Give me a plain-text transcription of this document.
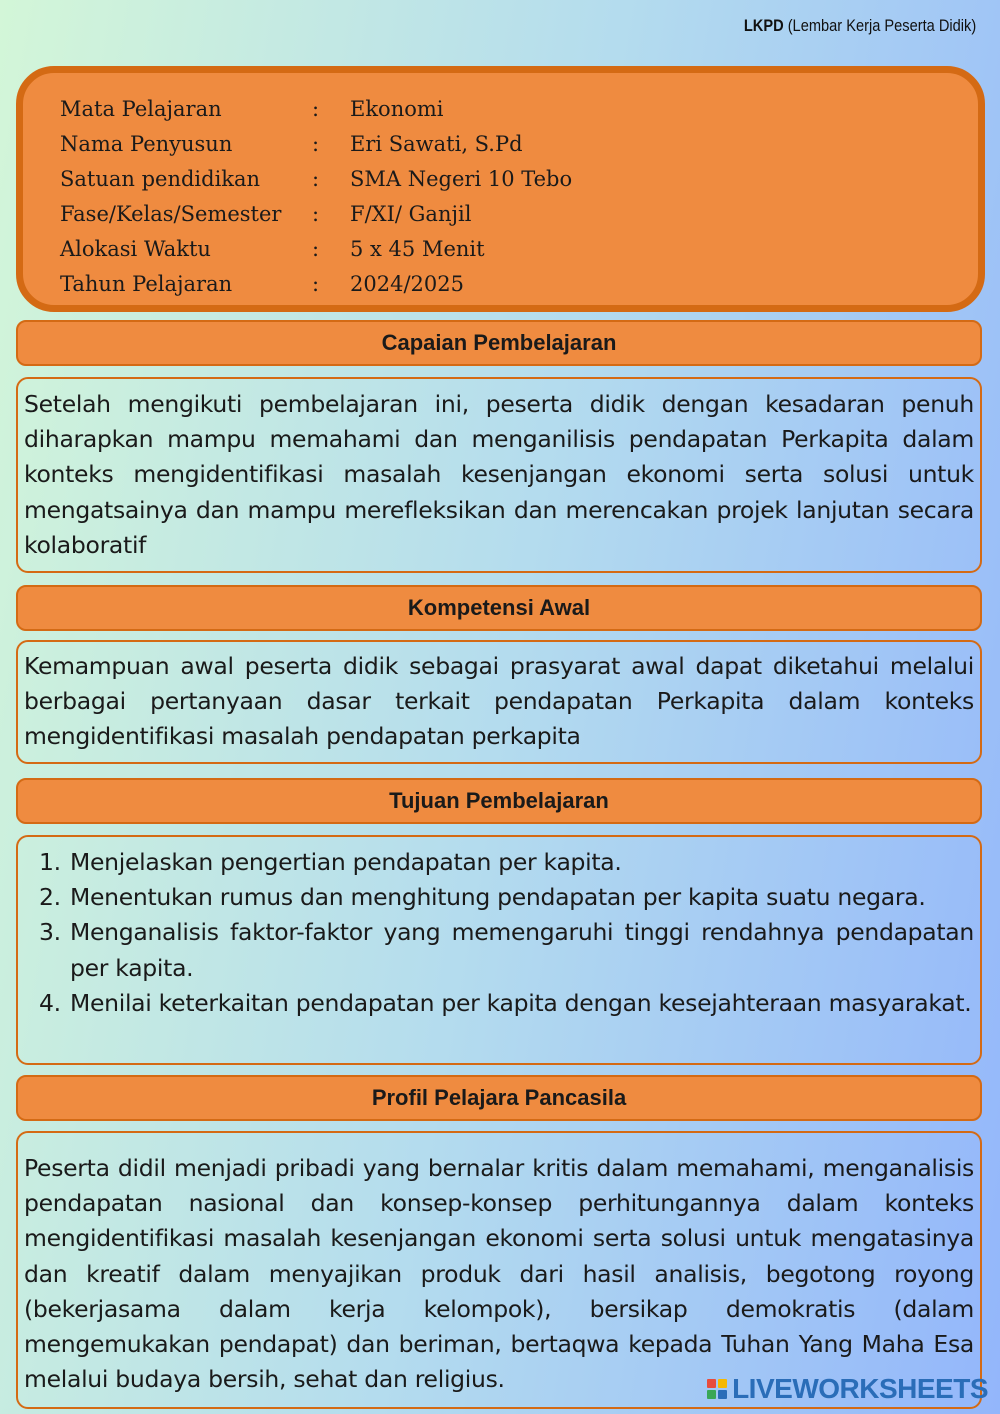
LKPD (Lembar Kerja Peserta Didik)
Mata Pelajaran	: Ekonomi
Nama Penyusun	: Eri Sawati, S.Pd
Satuan pendidikan : SMA Negeri 10 Tebo
Fase/Kelas/Semester : F/XI/ Ganjil
Alokasi Waktu	: 5 x 45 Menit
Tahun Pelajaran	: 2024/2025
Capaian Pembelajaran

Setelah mengikuti pembelajaran ini, peserta didik dengan kesadaran penuh diharapkan mampu memahami dan menganilisis pendapatan Perkapita dalam konteks mengidentifikasi masalah kesenjangan ekonomi serta solusi untuk mengatsainya dan mampu merefleksikan dan merencakan projek lanjutan secara kolaboratif

Kompetensi Awal

Kemampuan awal peserta didik sebagai prasyarat awal dapat diketahui melalui berbagai pertanyaan dasar terkait pendapatan Perkapita dalam konteks mengidentifikasi masalah pendapatan perkapita

Tujuan Pembelajaran
1. Menjelaskan pengertian pendapatan per kapita.
2. Menentukan rumus dan menghitung pendapatan per kapita suatu negara.
3. Menganalisis faktor-faktor yang memengaruhi tinggi rendahnya pendapatan per kapita.
4. Menilai keterkaitan pendapatan per kapita dengan kesejahteraan masyarakat.
Profil Pelajara Pancasila

Peserta didil menjadi pribadi yang bernalar kritis dalam memahami, menganalisis pendapatan nasional dan konsep-konsep perhitungannya dalam konteks mengidentifikasi masalah kesenjangan ekonomi serta solusi untuk mengatasinya dan kreatif dalam menyajikan produk dari hasil analisis, begotong royong (bekerjasama dalam kerja kelompok), bersikap demokratis (dalam mengemukakan pendapat) dan beriman, bertaqwa kepada Tuhan Yang Maha Esa melalui budaya bersih, sehat dan religius.	LIVEWORKSHEETS
